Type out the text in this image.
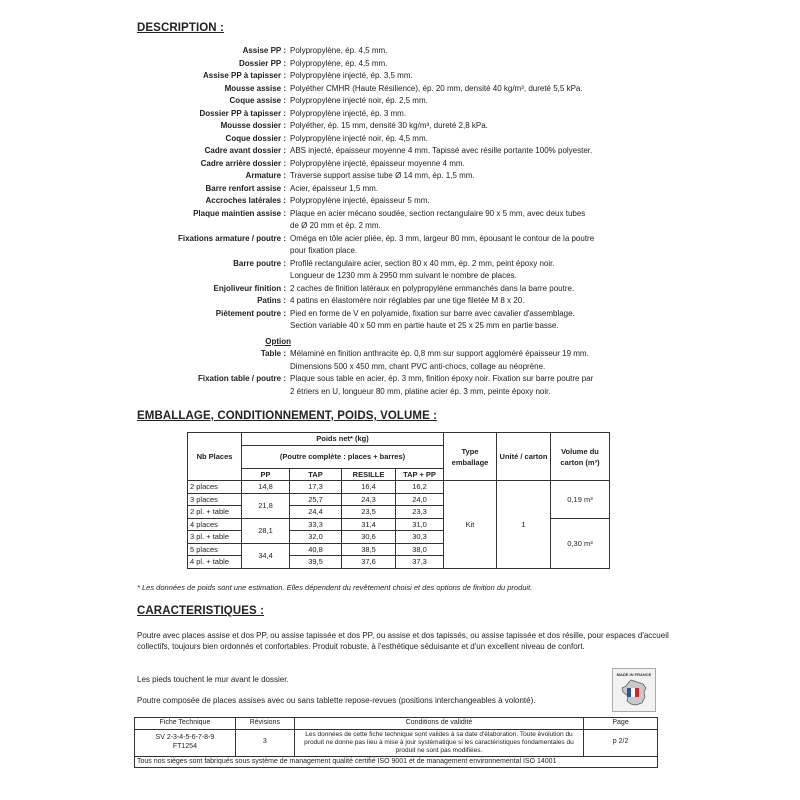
DESCRIPTION :
Assise PP : Polypropylène, ép. 4,5 mm.
Dossier PP : Polypropylène, ép. 4,5 mm.
Assise PP à tapisser : Polypropylène injecté, ép. 3,5 mm.
Mousse assise : Polyéther CMHR (Haute Résilience), ép. 20 mm, densité 40 kg/m³, dureté 5,5 kPa.
Coque assise : Polypropylène injecté noir, ép. 2,5 mm.
Dossier PP à tapisser : Polypropylène injecté, ép. 3 mm.
Mousse dossier : Polyéther, ép. 15 mm, densité 30 kg/m³, dureté 2,8 kPa.
Coque dossier : Polypropylène injecté noir, ép. 4,5 mm.
Cadre avant dossier : ABS injecté, épaisseur moyenne 4 mm. Tapissé avec résille portante 100% polyester.
Cadre arrière dossier : Polypropylène injecté, épaisseur moyenne 4 mm.
Armature : Traverse support assise tube Ø 14 mm, ép. 1,5 mm.
Barre renfort assise : Acier, épaisseur 1,5 mm.
Accroches latérales : Polypropylène injecté, épaisseur 5 mm.
Plaque maintien assise : Plaque en acier mécano soudée, section rectangulaire 90 x 5 mm, avec deux tubes
de Ø 20 mm et ép. 2 mm.
Fixations armature / poutre : Oméga en tôle acier pliée, ép. 3 mm, largeur 80 mm, épousant le contour de la poutre
pour fixation place.
Barre poutre : Profilé rectangulaire acier, section 80 x 40 mm, ép. 2 mm, peint époxy noir.
Longueur de 1230 mm à 2950 mm suivant le nombre de places.
Enjoliveur finition : 2 caches de finition latéraux en polypropylène emmanchés dans la barre poutre.
Patins : 4 patins en élastomère noir réglables par une tige filetée M 8 x 20.
Piètement poutre : Pied en forme de V en polyamide, fixation sur barre avec cavalier d'assemblage.
Section variable 40 x 50 mm en partie haute et 25 x 25 mm en partie basse.
Option
Table : Mélaminé en finition anthracite ép. 0,8 mm sur support aggloméré épaisseur 19 mm.
Dimensions 500 x 450 mm, chant PVC anti-chocs, collage au néoprène.
Fixation table / poutre : Plaque sous table en acier, ép. 3 mm, finition époxy noir. Fixation sur barre poutre par
2 étriers en U, longueur 80 mm, platine acier ép. 3 mm, peinte époxy noir.
EMBALLAGE, CONDITIONNEMENT, POIDS, VOLUME :
Nb Places	Poids net* (kg)				Type emballage	Unité / carton	Volume du carton (m³)
	(Poutre complète : places + barres)						
	PP	TAP	RESILLE	TAP + PP			
2 places	14,8	17,3	16,4	16,2	Kit	1	0,19 m³
3 places	21,8	25,7	24,3	24,0			
2 pl. + table		24,4	23,5	23,3			
4 places	28,1	33,3	31,4	31,0			0,30 m³
3 pl. + table		32,0	30,6	30,3			
5 places	34,4	40,8	38,5	38,0			
4 pl. + table		39,5	37,6	37,3			
* Les données de poids sont une estimation. Elles dépendent du revêtement choisi et des options de finition du produit.
CARACTERISTIQUES :
Poutre avec places assise et dos PP, ou assise tapissée et dos PP, ou assise et dos tapissés, ou assise tapissée et dos résille, pour espaces d'accueil collectifs, toujours bien ordonnés et confortables. Produit robuste, à l'esthétique séduisante et d'un excellent niveau de confort.
Les pieds touchent le mur avant le dossier.
Poutre composée de places assises avec ou sans tablette repose-revues (positions interchangeables à volonté).
MADE IN FRANCE
Fiche Technique	Révisions	Conditions de validité	Page

SV 2-3-4-5-6-7-8-9
FT1254	3	Les données de cette fiche technique sont valides à sa date d'élaboration. Toute évolution du produit ne donne pas lieu à mise à jour systématique si les caractéristiques fondamentales du produit ne sont pas modifiées.	p 2/2
Tous nos sièges sont fabriqués sous système de management qualité certifié ISO 9001 et de management environnemental ISO 14001			
